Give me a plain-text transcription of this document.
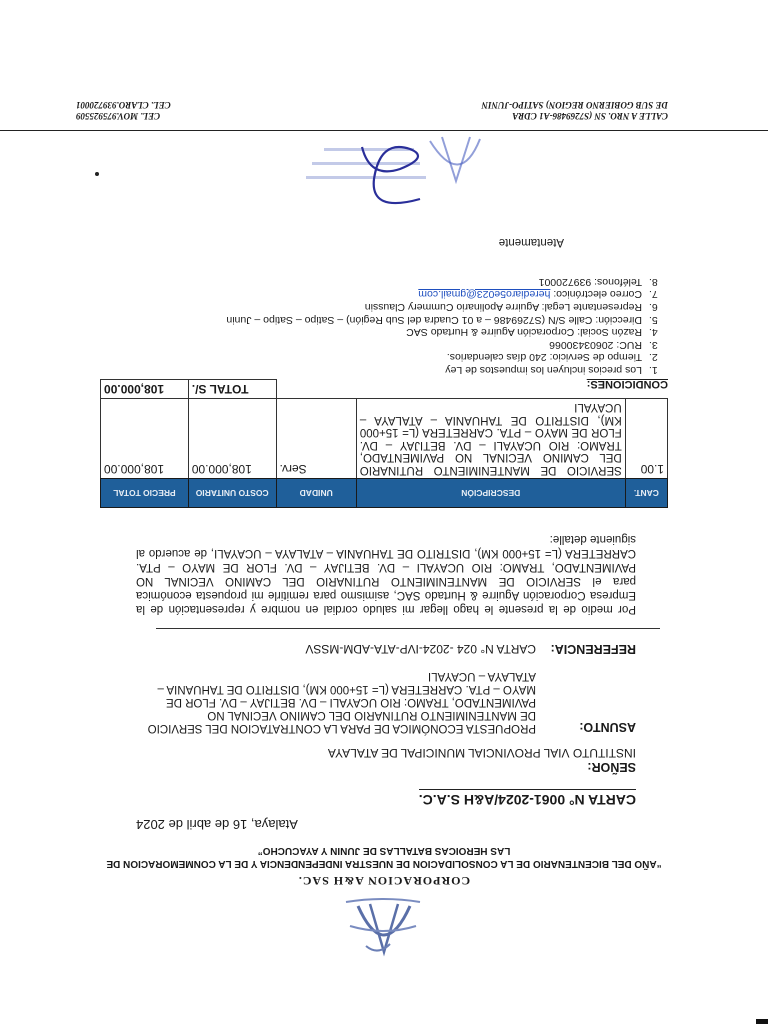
CORPORACION A&H SAC.
“AÑO DEL BICENTENARIO DE LA CONSOLIDACION DE NUESTRA INDEPENDENCIA Y DE LA CONMEMORACION DE LAS HEROICAS BATALLAS DE JUNIN Y AYACUCHO”
Atalaya, 16 de abril de 2024
CARTA N° 0061-2024/A&H S.A.C.
SEÑOR:
INSTITUTO VIAL PROVINCIAL MUNICIPAL DE ATALAYA
ASUNTO:
PROPUESTA ECONÓMICA DE PARA LA CONTRATACION DEL SERVICIO DE MANTENIMIENTO RUTINARIO DEL CAMINO VECINAL NO PAVIMENTADO, TRAMO: RIO UCAYALI – DV. BETIJAY – DV. FLOR DE MAYO – PTA. CARRETERA (L= 15+000 KM), DISTRITO DE TAHUANIA – ATALAYA – UCAYALI
REFERENCIA:
CARTA N° 024 -2024-IVP-ATA-ADM-MSSV
Por medio de la presente le hago llegar mi saludo cordial en nombre y representación de la Empresa Corporación Aguirre & Hurtado SAC, asimismo para remitirle mi propuesta económica para el SERVICIO DE MANTENIMIENTO RUTINARIO DEL CAMINO VECINAL NO PAVIMENTADO, TRAMO: RIO UCAYALI – DV. BETIJAY – DV. FLOR DE MAYO – PTA. CARRETERA (L= 15+000 KM), DISTRITO DE TAHUANIA – ATALAYA – UCAYALI, de acuerdo al siguiente detalle:
CANT.	DESCRIPCIÓN	UNIDAD	COSTO UNITARIO	PRECIO TOTAL
1.00	SERVICIO DE MANTENIMIENTO RUTINARIO DEL CAMINO VECINAL NO PAVIMENTADO, TRAMO: RIO UCAYALI – DV. BETIJAY – DV. FLOR DE MAYO – PTA. CARRETERA (L= 15+000 KM), DISTRITO DE TAHUANIA – ATALAYA – UCAYALI	Serv.	108,000.00	108,000.00
			TOTAL S/.	108,000.00	CONDICIONES:
1. Los precios incluyen los impuestos de Ley
2. Tiempo de Servicio: 240 días calendarios.
3. RUC: 20603430066
4. Razón Social: Corporación Aguirre & Hurtado SAC
5. Dirección: Calle S/N (S7269486 – a 01 Cuadra del Sub Región) – Satipo – Satipo – Junin
6. Representante Legal: Aguirre Apolinario Cummery Claussin
7. Correo electrónico: herediaro5e023@gmail.com
8. Teléfonos: 939720001
Atentamente
CALLE A NRO. SN (S7269486-A1 CDRA
DE SUB GOBIERNO REGION) SATIPO-JUNIN
CEL. MOV.975925509
CEL. CLARO.939720001
